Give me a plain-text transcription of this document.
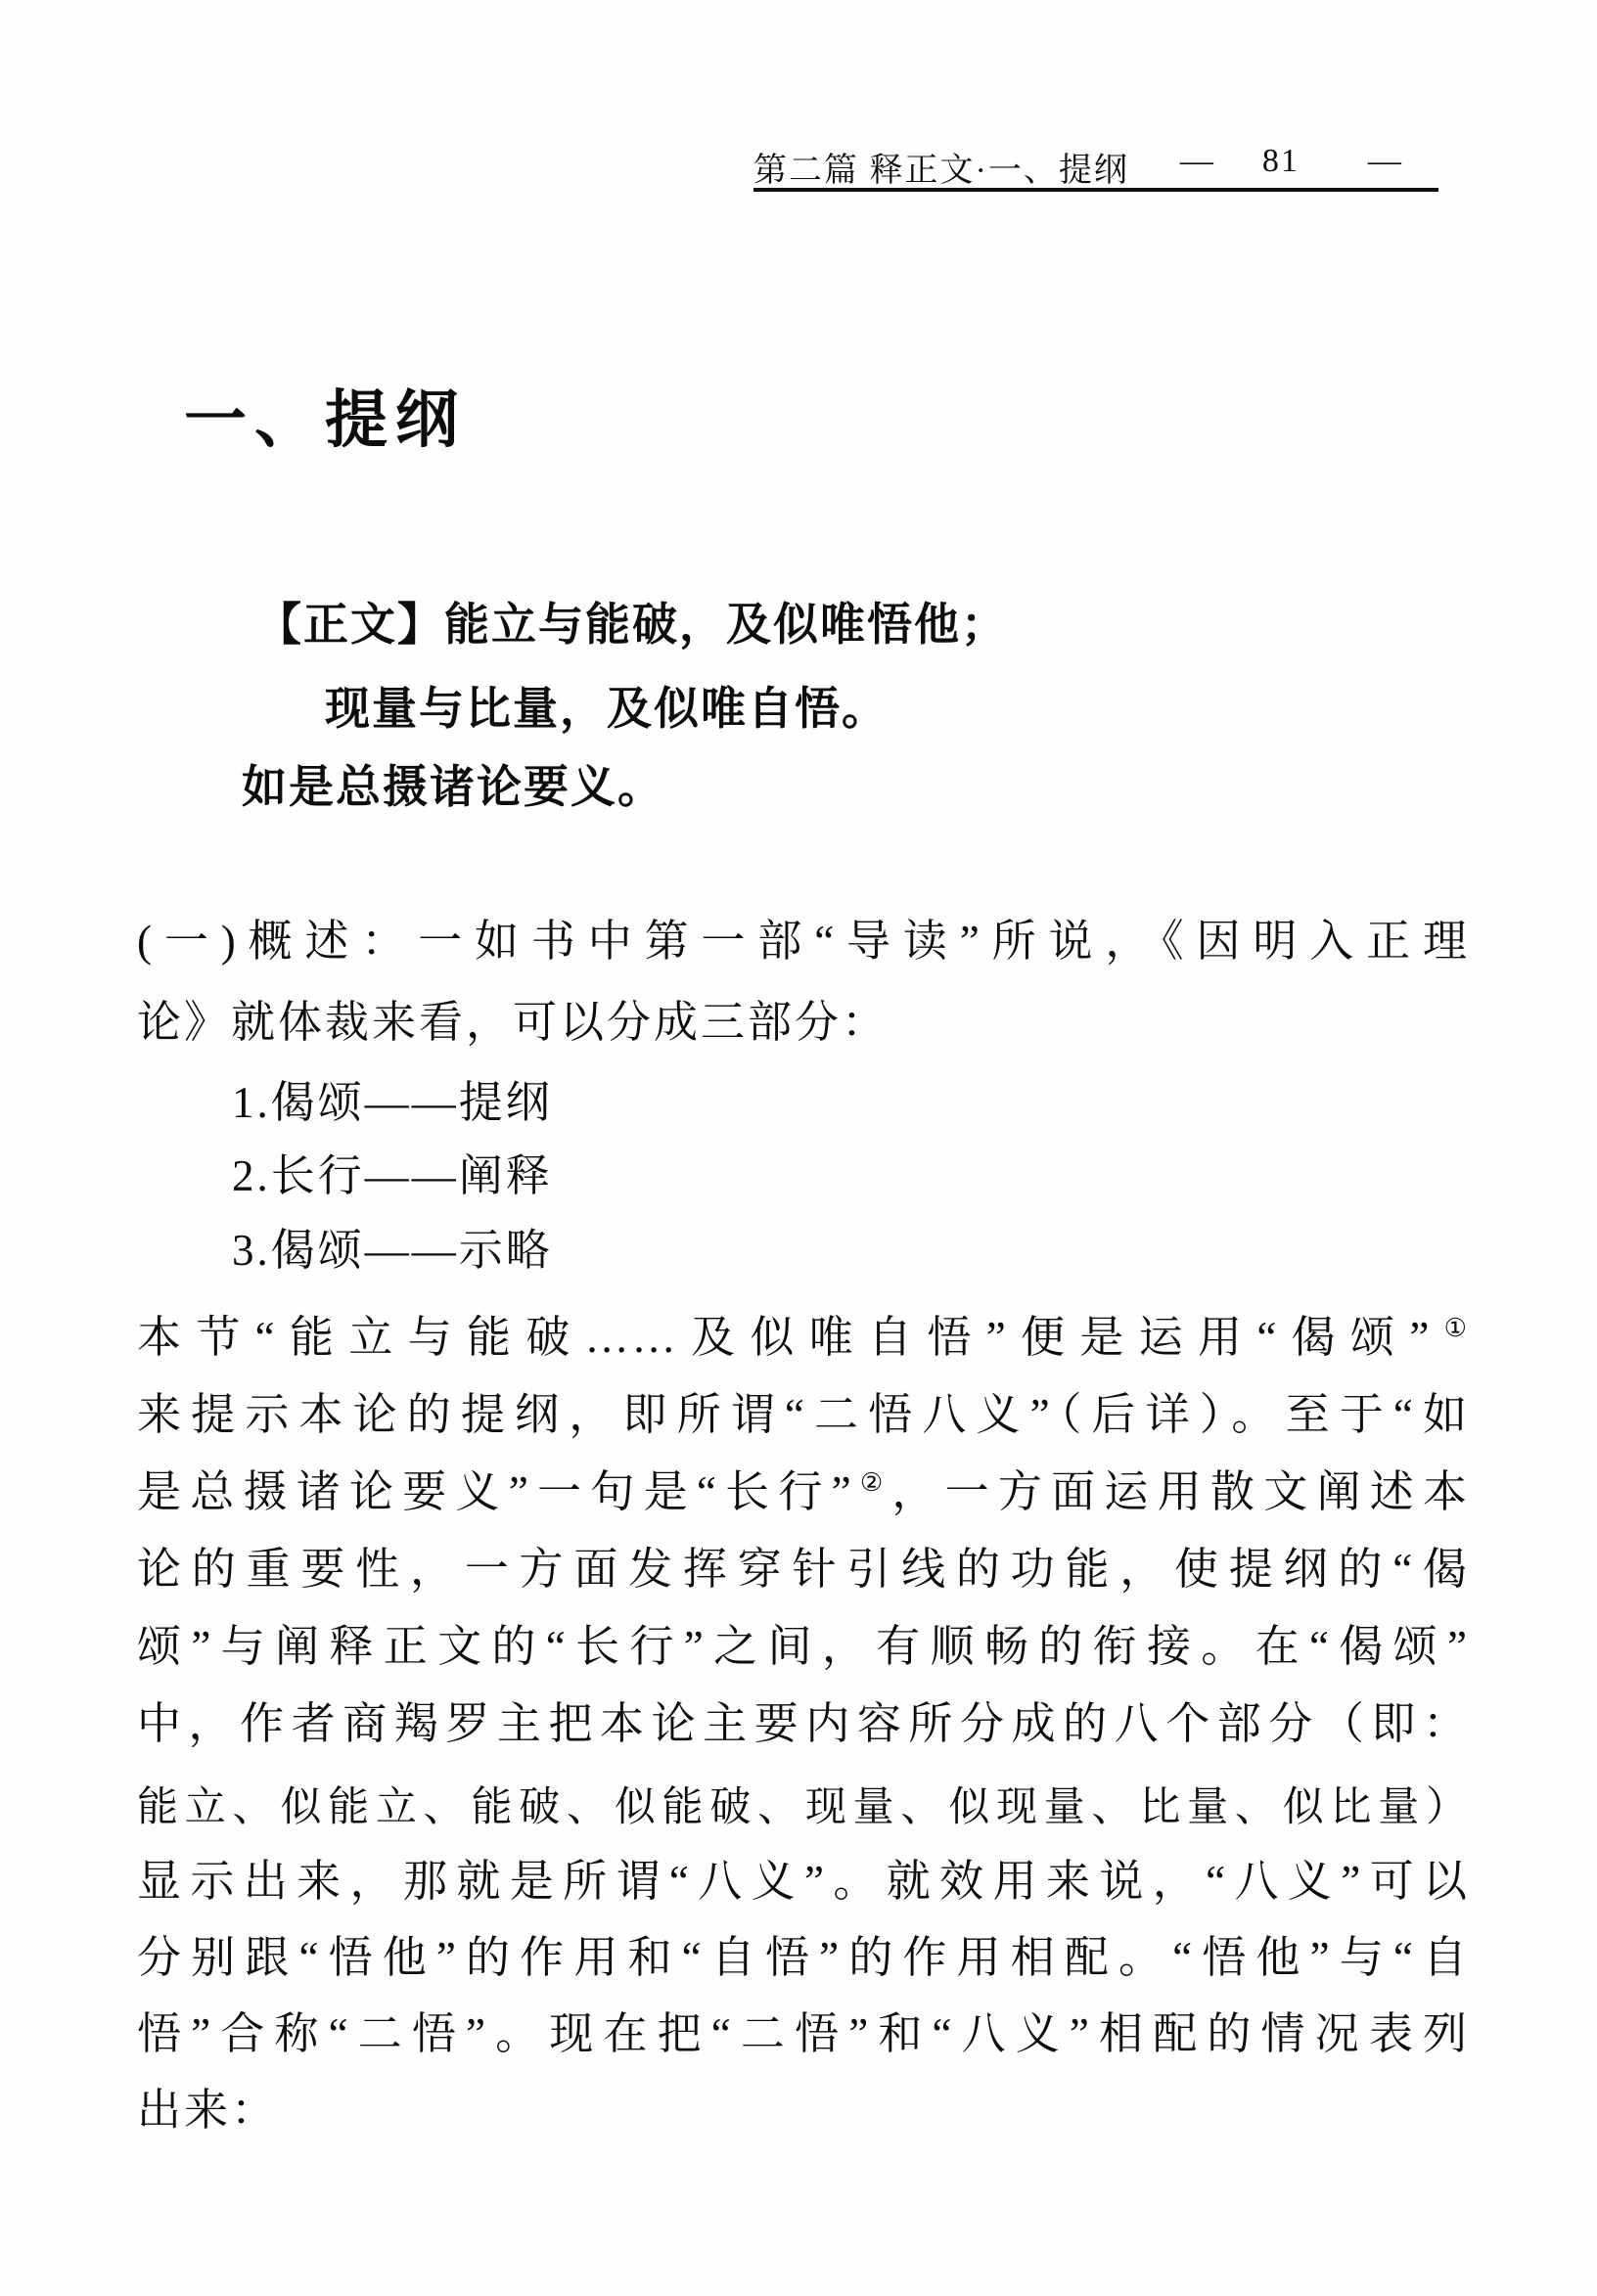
第二篇 释正文·一、提纲 — 81 —
一、提纲
【正文】能立与能破，及似唯悟他；
现量与比量，及似唯自悟。
如是总摄诸论要义。
(一)概述：一如书中第一部“导读”所说，《因明入正理
论》就体裁来看，可以分成三部分：
1.偈颂——提纲
2.长行——阐释
3.偈颂——示略
本节“能立与能破……及似唯自悟”便是运用“偈颂”①
来提示本论的提纲，即所谓“二悟八义”（后详）。至于“如
是总摄诸论要义”一句是“长行”②，一方面运用散文阐述本
论的重要性，一方面发挥穿针引线的功能，使提纲的“偈
颂”与阐释正文的“长行”之间，有顺畅的衔接。在“偈颂”
中，作者商羯罗主把本论主要内容所分成的八个部分（即：
能立、似能立、能破、似能破、现量、似现量、比量、似比量）
显示出来，那就是所谓“八义”。就效用来说，“八义”可以
分别跟“悟他”的作用和“自悟”的作用相配。“悟他”与“自
悟”合称“二悟”。现在把“二悟”和“八义”相配的情况表列
出来：
